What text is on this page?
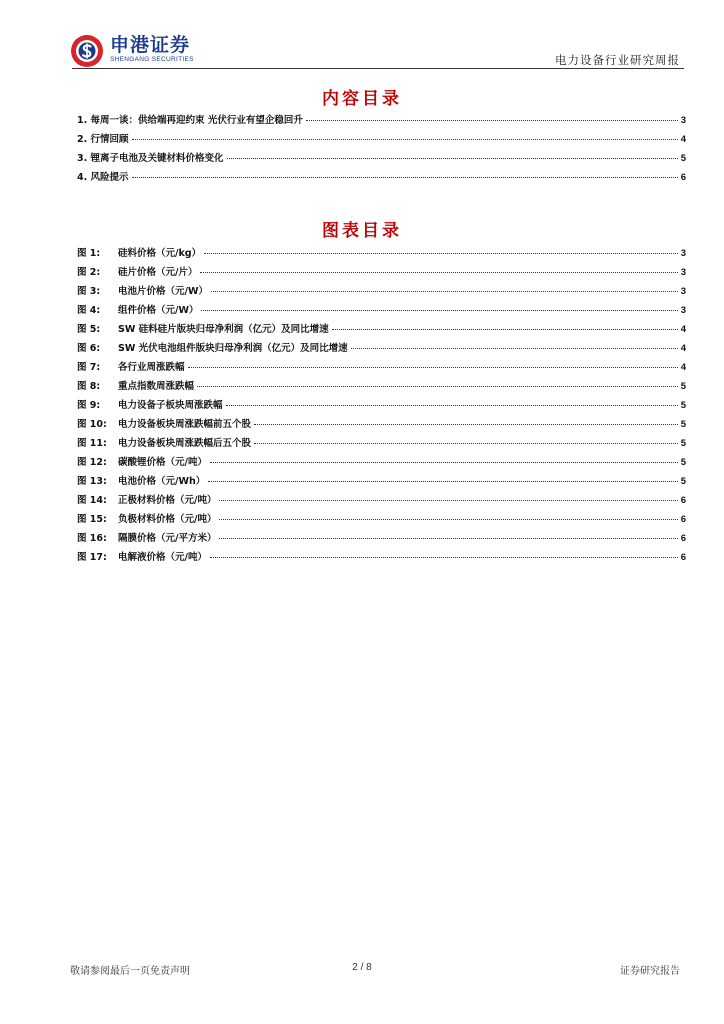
申港证券
SHENGANG SECURITIES	电力设备行业研究周报
内容目录
1. 每周一谈：供给端再迎约束 光伏行业有望企稳回升	3
2. 行情回顾	4
3. 锂离子电池及关键材料价格变化	5
4. 风险提示	6
图表目录
图 1: 硅料价格（元/kg）	3
图 2: 硅片价格（元/片）	3
图 3: 电池片价格（元/W）	3
图 4: 组件价格（元/W）	3
图 5: SW 硅料硅片版块归母净利润（亿元）及同比增速	4
图 6: SW 光伏电池组件版块归母净利润（亿元）及同比增速	4
图 7: 各行业周涨跌幅	4
图 8: 重点指数周涨跌幅	5
图 9: 电力设备子板块周涨跌幅	5
图 10: 电力设备板块周涨跌幅前五个股	5
图 11: 电力设备板块周涨跌幅后五个股	5
图 12: 碳酸锂价格（元/吨）	5
图 13: 电池价格（元/Wh）	5
图 14: 正极材料价格（元/吨）	6
图 15: 负极材料价格（元/吨）	6
图 16: 隔膜价格（元/平方米）	6
图 17: 电解液价格（元/吨）	6
敬请参阅最后一页免责声明	2 / 8	证券研究报告
